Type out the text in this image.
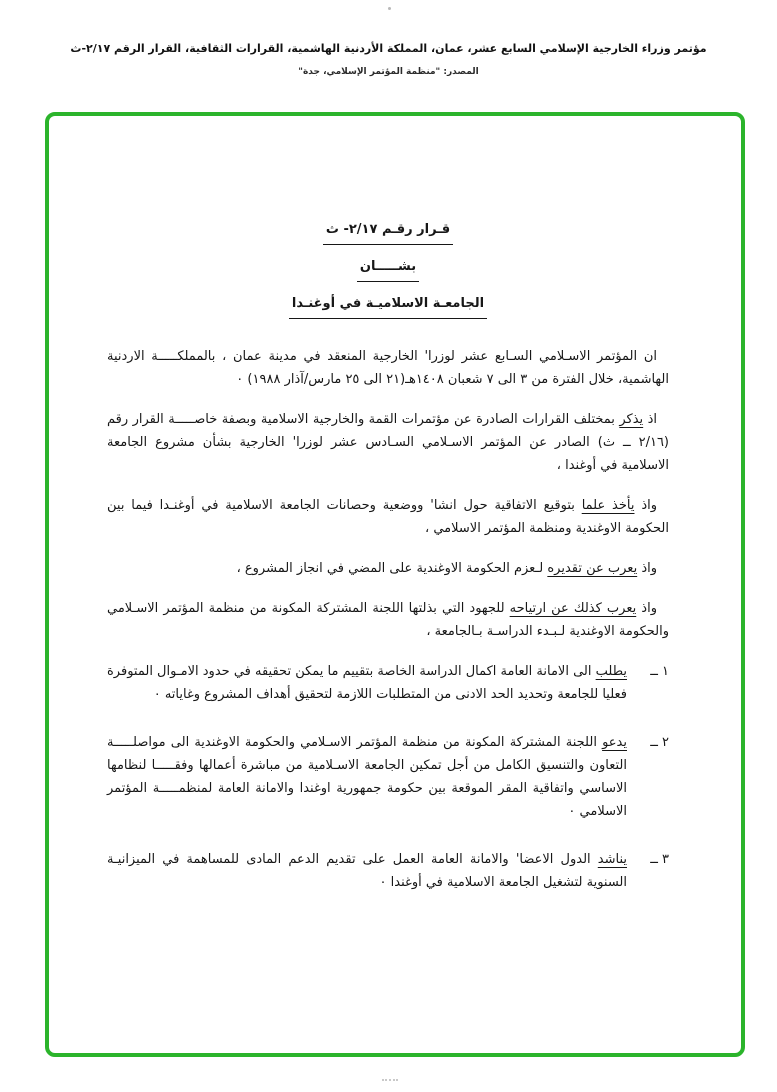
مؤتمر وزراء الخارجية الإسلامي السابع عشر، عمان، المملكة الأردنية الهاشمية، القرارات الثقافية، القرار الرقم ٢/١٧-ث
المصدر: "منظمة المؤتمر الإسلامي، جدة"
قـرار رقـم ٢/١٧- ث
بشـــــان
الجامعـة الاسلاميـة في أوغنـدا
ان المؤتمر الاسـلامي السـابع عشر لوزرا' الخارجية المنعقد في مدينة عمان ، بالمملكـــــة الاردنية الهاشمية، خلال الفترة من ٣ الى ٧ شعبان ١٤٠٨هـ(٢١ الى ٢٥ مارس/آذار ١٩٨٨) ٠
اذ يذكر بمختلف القرارات الصادرة عن مؤتمرات القمة والخارجية الاسلامية وبصفة خاصـــــة القرار رقم (٢/١٦ ــ ث) الصادر عن المؤتمر الاسـلامي السـادس عشر لوزرا' الخارجية بشأن مشروع الجامعة الاسلامية في أوغندا ،
واذ يأخذ علما بتوقيع الاتفاقية حول انشا' ووضعية وحصانات الجامعة الاسلامية في أوغنـدا فيما بين الحكومة الاوغندية ومنظمة المؤتمر الاسلامي ،
واذ يعرب عن تقديره لـعزم الحكومة الاوغندية على المضي في انجاز المشروع ،
واذ يعرب كذلك عن ارتياحه للجهود التي بذلتها اللجنة المشتركة المكونة من منظمة المؤتمر الاسـلامي والحكومة الاوغندية لـبـدء الدراسـة بـالجامعة ،
١ ــ
يطلب الى الامانة العامة اكمال الدراسة الخاصة بتقييم ما يمكن تحقيقه في حدود الامـوال المتوفرة فعليا للجامعة وتحديد الحد الادنى من المتطلبات اللازمة لتحقيق أهداف المشروع وغاياته ٠
٢ ــ
يدعو اللجنة المشتركة المكونة من منظمة المؤتمر الاسـلامي والحكومة الاوغندية الى مواصلـــــة التعاون والتنسيق الكامل من أجل تمكين الجامعة الاسـلامية من مباشرة أعمالها وفقـــــا لنظامها الاساسي واتفاقية المقر الموقعة بين حكومة جمهورية اوغندا والامانة العامة لمنظمـــــة المؤتمر الاسلامي ٠
٣ ــ
يناشد الدول الاعضا' والامانة العامة العمل على تقديم الدعم المادى للمساهمة في الميزانيـة السنوية لتشغيل الجامعة الاسلامية في أوغندا ٠
